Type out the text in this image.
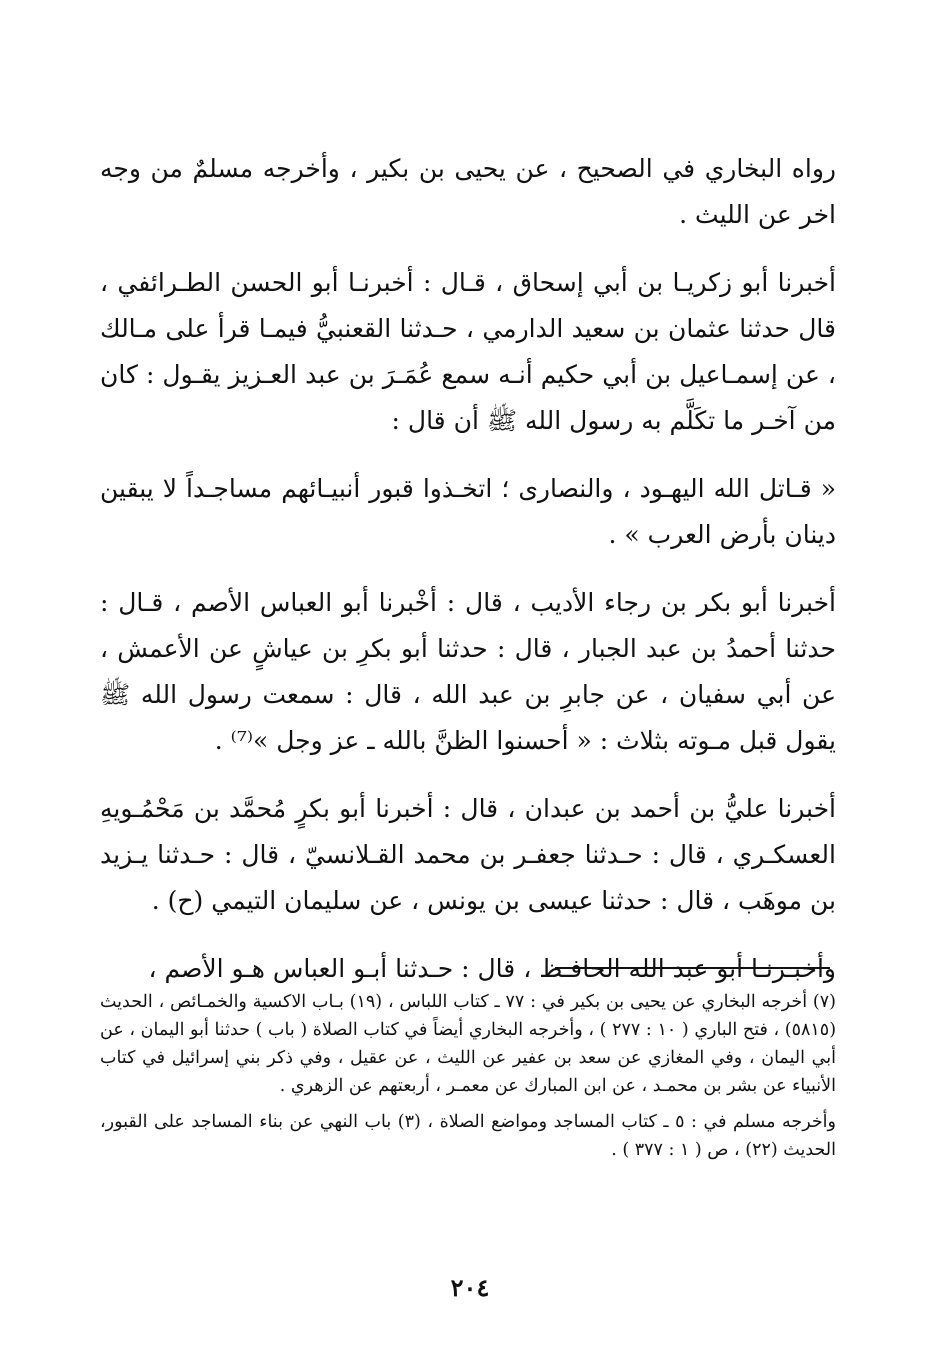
رواه البخاري في الصحيح ، عن يحيى بن بكير ، وأخرجه مسلمٌ من وجه اخر عن الليث .

أخبرنا أبو زكريـا بن أبي إسحاق ، قـال : أخبرنـا أبو الحسن الطـرائفي ، قال حدثنا عثمان بن سعيد الدارمي ، حـدثنا القعنبيُّ فيمـا قرأ على مـالك ، عن إسمـاعيل بن أبي حكيم أنـه سمع عُمَـرَ بن عبد العـزيز يقـول : كان من آخـر ما تكَلَّم به رسول الله ﷺ أن قال :

« قـاتل الله اليهـود ، والنصارى ؛ اتخـذوا قبور أنبيـائهم مساجـداً لا يبقين دينان بأرض العرب » .

أخبرنا أبو بكر بن رجاء الأديب ، قال : أخْبرنا أبو العباس الأصم ، قـال : حدثنا أحمدُ بن عبد الجبار ، قال : حدثنا أبو بكرِ بن عياشٍ عن الأعمش ، عن أبي سفيان ، عن جابرِ بن عبد الله ، قال : سمعت رسول الله ﷺ يقول قبل مـوته بثلاث : « أحسنوا الظنَّ بالله ـ عز وجل »⁽⁷⁾ .

أخبرنا عليُّ بن أحمد بن عبدان ، قال : أخبرنا أبو بكرٍ مُحمَّد بن مَحْمُـويهِ العسكـري ، قال : حـدثنا جعفـر بن محمد القـلانسيّ ، قال : حـدثنا يـزيد بن موهَب ، قال : حدثنا عيسى بن يونس ، عن سليمان التيمي (ح) .

وأخبـرنـا أبو عبد الله الحافـظ ، قال : حـدثنا أبـو العباس هـو الأصم ،

(٧) أخرجه البخاري عن يحيى بن بكير في : ٧٧ ـ كتاب اللباس ، (١٩) بـاب الاكسية والخمـائص ، الحديث (٥٨١٥) ، فتح الباري ( ١٠ : ٢٧٧ ) ، وأخرجه البخاري أيضاً في كتاب الصلاة ( باب ) حدثنا أبو اليمان ، عن أبي اليمان ، وفي المغازي عن سعد بن عفير عن الليث ، عن عقيل ، وفي ذكر بني إسرائيل في كتاب الأنبياء عن بشر بن محمـد ، عن ابن المبارك عن معمـر ، أربعتهم عن الزهري .

وأخرجه مسلم في : ٥ ـ كتاب المساجد ومواضع الصلاة ، (٣) باب النهي عن بناء المساجد على القبور، الحديث (٢٢) ، ص ( ١ : ٣٧٧ ) .

٢٠٤
